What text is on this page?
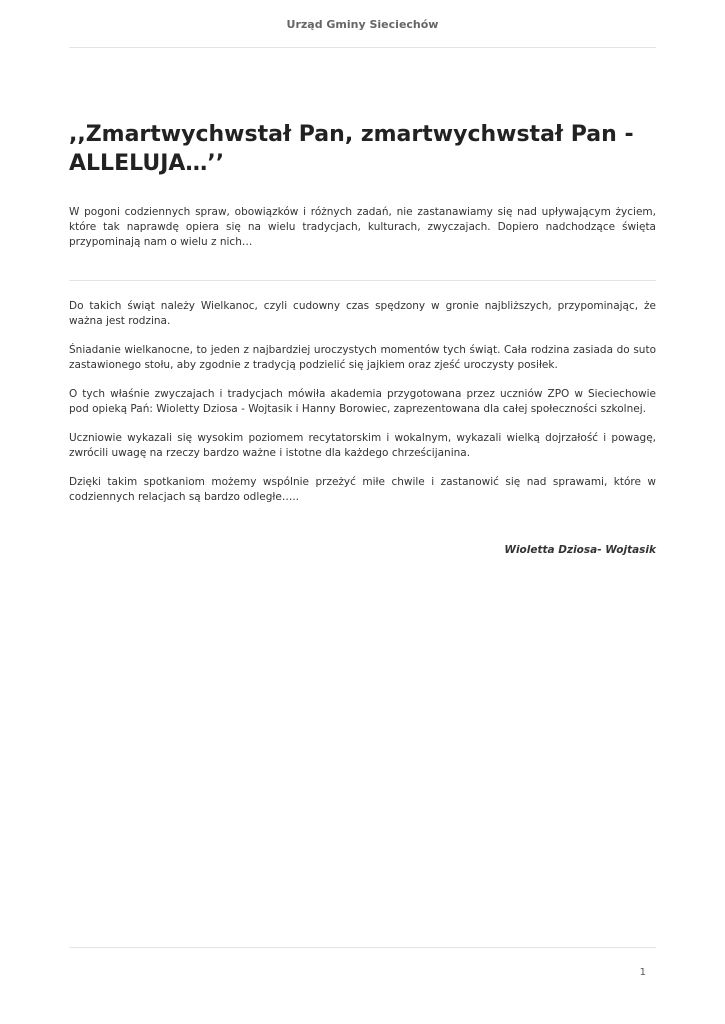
Urząd Gminy Sieciechów
,,Zmartwychwstał Pan, zmartwychwstał Pan - ALLELUJA…’’

W pogoni codziennych spraw, obowiązków i różnych zadań, nie zastanawiamy się nad upływającym życiem, które tak naprawdę opiera się na wielu tradycjach, kulturach, zwyczajach. Dopiero nadchodzące święta przypominają nam o wielu z nich…

Do takich świąt należy Wielkanoc, czyli cudowny czas spędzony w gronie najbliższych, przypominając, że ważna jest rodzina.

Śniadanie wielkanocne, to jeden z najbardziej uroczystych momentów tych świąt. Cała rodzina zasiada do suto zastawionego stołu, aby zgodnie z tradycją podzielić się jajkiem oraz zjeść uroczysty posiłek.

O tych właśnie zwyczajach i tradycjach mówiła akademia przygotowana przez uczniów ZPO w Sieciechowie pod opieką Pań: Wioletty Dziosa - Wojtasik i Hanny Borowiec, zaprezentowana dla całej społeczności szkolnej.

Uczniowie wykazali się wysokim poziomem recytatorskim i wokalnym, wykazali wielką dojrzałość i powagę, zwrócili uwagę na rzeczy bardzo ważne i istotne dla każdego chrześcijanina.

Dzięki takim spotkaniom możemy wspólnie przeżyć miłe chwile i zastanowić się nad sprawami, które w codziennych relacjach są bardzo odległe…..

Wioletta Dziosa- Wojtasik

1
